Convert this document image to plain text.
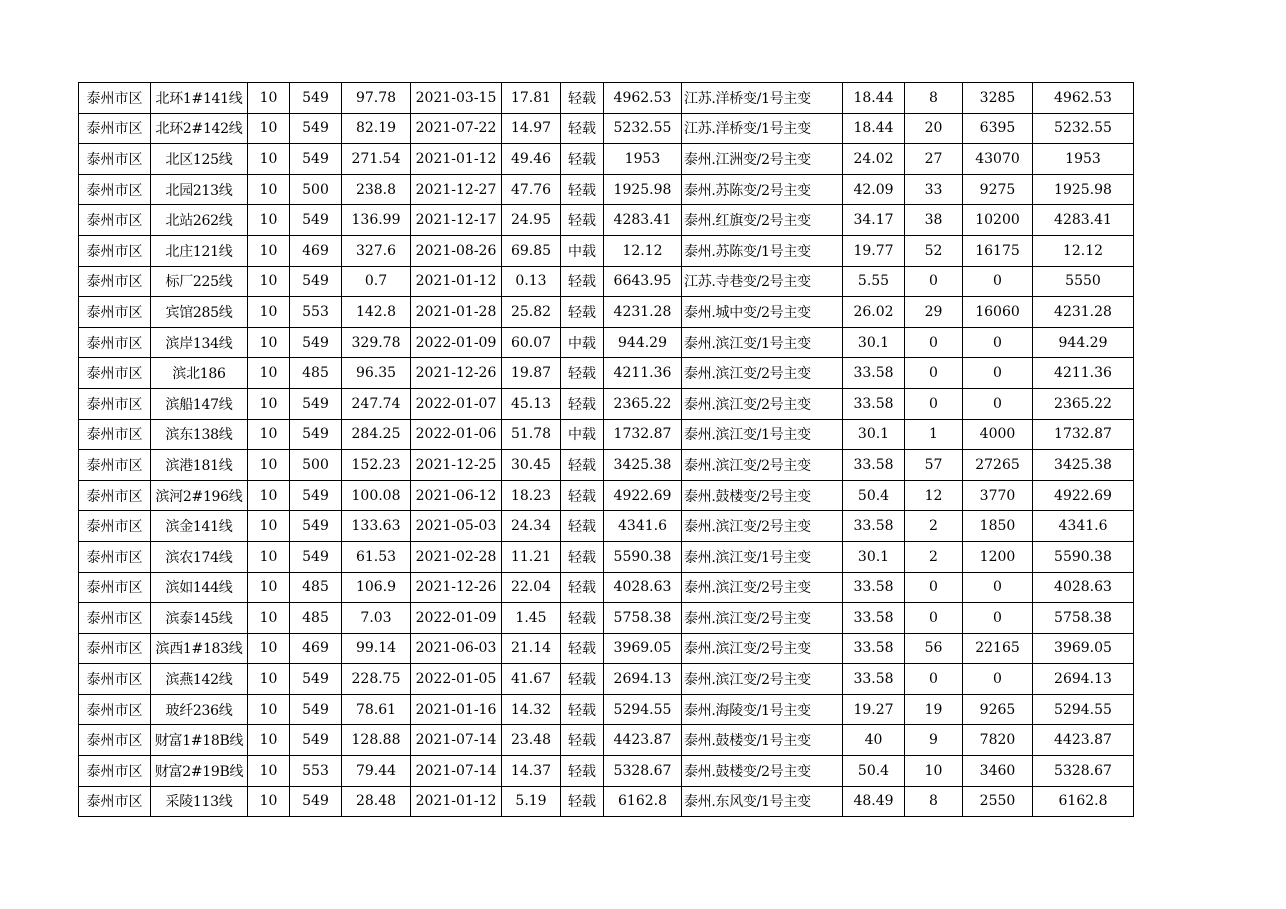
泰州市区	北环1#141线	10	549	97.78	2021-03-15	17.81	轻载	4962.53	江苏.洋桥变/1号主变	18.44	8	3285	4962.53
泰州市区	北环2#142线	10	549	82.19	2021-07-22	14.97	轻载	5232.55	江苏.洋桥变/1号主变	18.44	20	6395	5232.55
泰州市区	北区125线	10	549	271.54	2021-01-12	49.46	轻载	1953	泰州.江洲变/2号主变	24.02	27	43070	1953
泰州市区	北园213线	10	500	238.8	2021-12-27	47.76	轻载	1925.98	泰州.苏陈变/2号主变	42.09	33	9275	1925.98
泰州市区	北站262线	10	549	136.99	2021-12-17	24.95	轻载	4283.41	泰州.红旗变/2号主变	34.17	38	10200	4283.41
泰州市区	北庄121线	10	469	327.6	2021-08-26	69.85	中载	12.12	泰州.苏陈变/1号主变	19.77	52	16175	12.12
泰州市区	标厂225线	10	549	0.7	2021-01-12	0.13	轻载	6643.95	江苏.寺巷变/2号主变	5.55	0	0	5550
泰州市区	宾馆285线	10	553	142.8	2021-01-28	25.82	轻载	4231.28	泰州.城中变/2号主变	26.02	29	16060	4231.28
泰州市区	滨岸134线	10	549	329.78	2022-01-09	60.07	中载	944.29	泰州.滨江变/1号主变	30.1	0	0	944.29
泰州市区	滨北186	10	485	96.35	2021-12-26	19.87	轻载	4211.36	泰州.滨江变/2号主变	33.58	0	0	4211.36
泰州市区	滨船147线	10	549	247.74	2022-01-07	45.13	轻载	2365.22	泰州.滨江变/2号主变	33.58	0	0	2365.22
泰州市区	滨东138线	10	549	284.25	2022-01-06	51.78	中载	1732.87	泰州.滨江变/1号主变	30.1	1	4000	1732.87
泰州市区	滨港181线	10	500	152.23	2021-12-25	30.45	轻载	3425.38	泰州.滨江变/2号主变	33.58	57	27265	3425.38
泰州市区	滨河2#196线	10	549	100.08	2021-06-12	18.23	轻载	4922.69	泰州.鼓楼变/2号主变	50.4	12	3770	4922.69
泰州市区	滨金141线	10	549	133.63	2021-05-03	24.34	轻载	4341.6	泰州.滨江变/2号主变	33.58	2	1850	4341.6
泰州市区	滨农174线	10	549	61.53	2021-02-28	11.21	轻载	5590.38	泰州.滨江变/1号主变	30.1	2	1200	5590.38
泰州市区	滨如144线	10	485	106.9	2021-12-26	22.04	轻载	4028.63	泰州.滨江变/2号主变	33.58	0	0	4028.63
泰州市区	滨泰145线	10	485	7.03	2022-01-09	1.45	轻载	5758.38	泰州.滨江变/2号主变	33.58	0	0	5758.38
泰州市区	滨西1#183线	10	469	99.14	2021-06-03	21.14	轻载	3969.05	泰州.滨江变/2号主变	33.58	56	22165	3969.05
泰州市区	滨燕142线	10	549	228.75	2022-01-05	41.67	轻载	2694.13	泰州.滨江变/2号主变	33.58	0	0	2694.13
泰州市区	玻纤236线	10	549	78.61	2021-01-16	14.32	轻载	5294.55	泰州.海陵变/1号主变	19.27	19	9265	5294.55
泰州市区	财富1#18B线	10	549	128.88	2021-07-14	23.48	轻载	4423.87	泰州.鼓楼变/1号主变	40	9	7820	4423.87
泰州市区	财富2#19B线	10	553	79.44	2021-07-14	14.37	轻载	5328.67	泰州.鼓楼变/2号主变	50.4	10	3460	5328.67
泰州市区	采陵113线	10	549	28.48	2021-01-12	5.19	轻载	6162.8	泰州.东风变/1号主变	48.49	8	2550	6162.8
